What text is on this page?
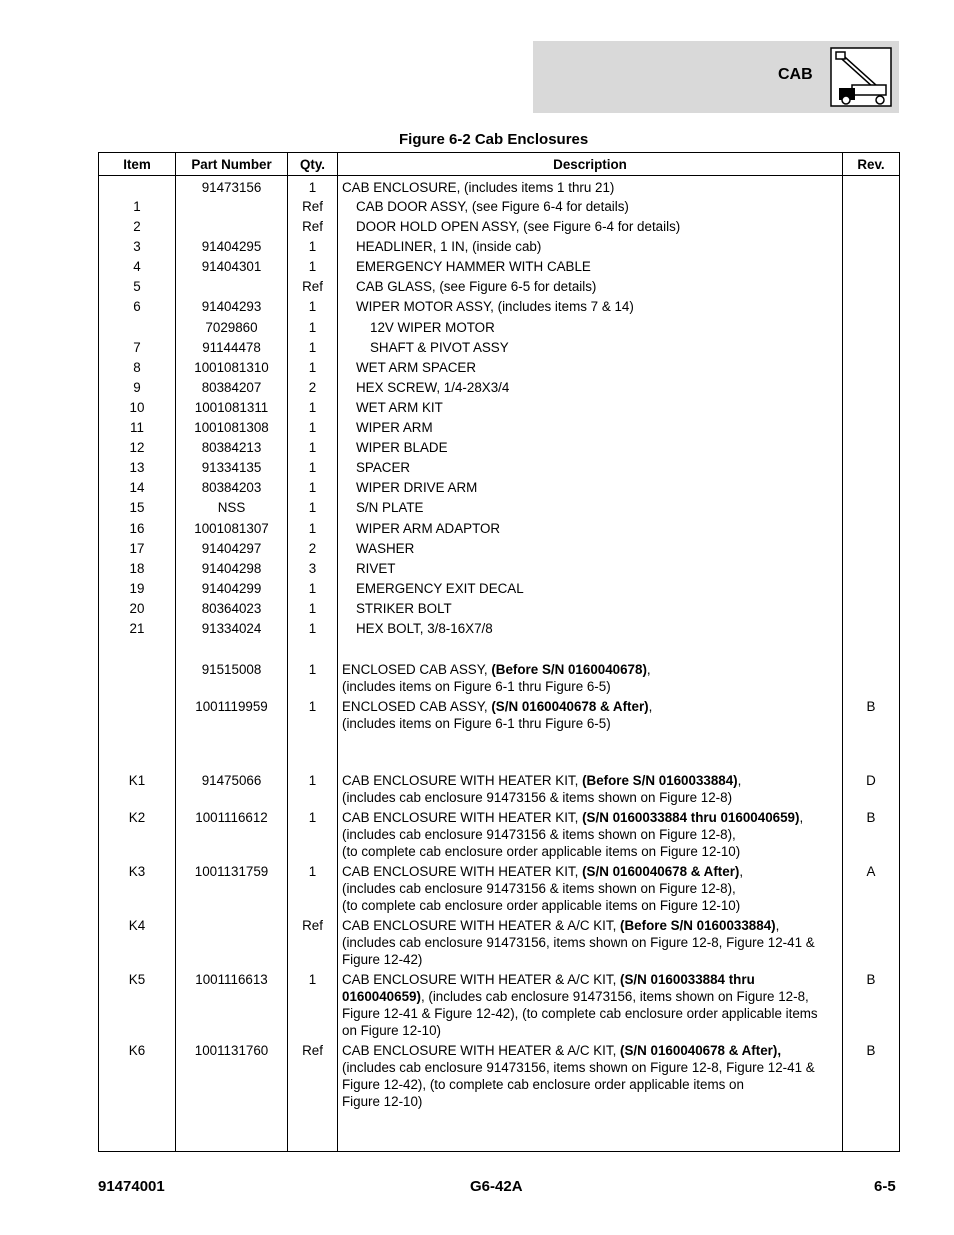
CAB
Figure 6-2 Cab Enclosures
Item	Part Number	Qty.	Description	Rev.
	91473156	1	CAB ENCLOSURE, (includes items 1 thru 21)	
1		Ref	CAB DOOR ASSY, (see Figure 6-4 for details)	
2		Ref	DOOR HOLD OPEN ASSY, (see Figure 6-4 for details)	
3	91404295	1	HEADLINER, 1 IN, (inside cab)	
4	91404301	1	EMERGENCY HAMMER WITH CABLE	
5		Ref	CAB GLASS, (see Figure 6-5 for details)	
6	91404293	1	WIPER MOTOR ASSY, (includes items 7 & 14)	
	7029860	1	12V WIPER MOTOR	
7	91144478	1	SHAFT & PIVOT ASSY	
8	1001081310	1	WET ARM SPACER	
9	80384207	2	HEX SCREW, 1/4-28X3/4	
10	1001081311	1	WET ARM KIT	
11	1001081308	1	WIPER ARM	
12	80384213	1	WIPER BLADE	
13	91334135	1	SPACER	
14	80384203	1	WIPER DRIVE ARM	
15	NSS	1	S/N PLATE	
16	1001081307	1	WIPER ARM ADAPTOR	
17	91404297	2	WASHER	
18	91404298	3	RIVET	
19	91404299	1	EMERGENCY EXIT DECAL	
20	80364023	1	STRIKER BOLT	
21	91334024	1	HEX BOLT, 3/8-16X7/8	

	91515008	1	ENCLOSED CAB ASSY, (Before S/N 0160040678),
(includes items on Figure 6-1 thru Figure 6-5)	

	1001119959	1	ENCLOSED CAB ASSY, (S/N 0160040678 & After),
(includes items on Figure 6-1 thru Figure 6-5)	B
K1	91475066	1	CAB ENCLOSURE WITH HEATER KIT, (Before S/N 0160033884),
(includes cab enclosure 91473156 & items shown on Figure 12-8)	D
K2	1001116612	1	CAB ENCLOSURE WITH HEATER KIT, (S/N 0160033884 thru 0160040659),
(includes cab enclosure 91473156 & items shown on Figure 12-8),
(to complete cab enclosure order applicable items on Figure 12-10)	B
K3	1001131759	1	CAB ENCLOSURE WITH HEATER KIT, (S/N 0160040678 & After),
(includes cab enclosure 91473156 & items shown on Figure 12-8),
(to complete cab enclosure order applicable items on Figure 12-10)	A
K4		Ref	CAB ENCLOSURE WITH HEATER & A/C KIT, (Before S/N 0160033884),
(includes cab enclosure 91473156, items shown on Figure 12-8, Figure 12-41 &
Figure 12-42)	

K5	1001116613	1	CAB ENCLOSURE WITH HEATER & A/C KIT, (S/N 0160033884 thru
0160040659), (includes cab enclosure 91473156, items shown on Figure 12-8,
Figure 12-41 & Figure 12-42), (to complete cab enclosure order applicable items
on Figure 12-10)	B
K6	1001131760	Ref	CAB ENCLOSURE WITH HEATER & A/C KIT, (S/N 0160040678 & After),
(includes cab enclosure 91473156, items shown on Figure 12-8, Figure 12-41 &
Figure 12-42), (to complete cab enclosure order applicable items on
Figure 12-10)	B
91474001	G6-42A	6-5
